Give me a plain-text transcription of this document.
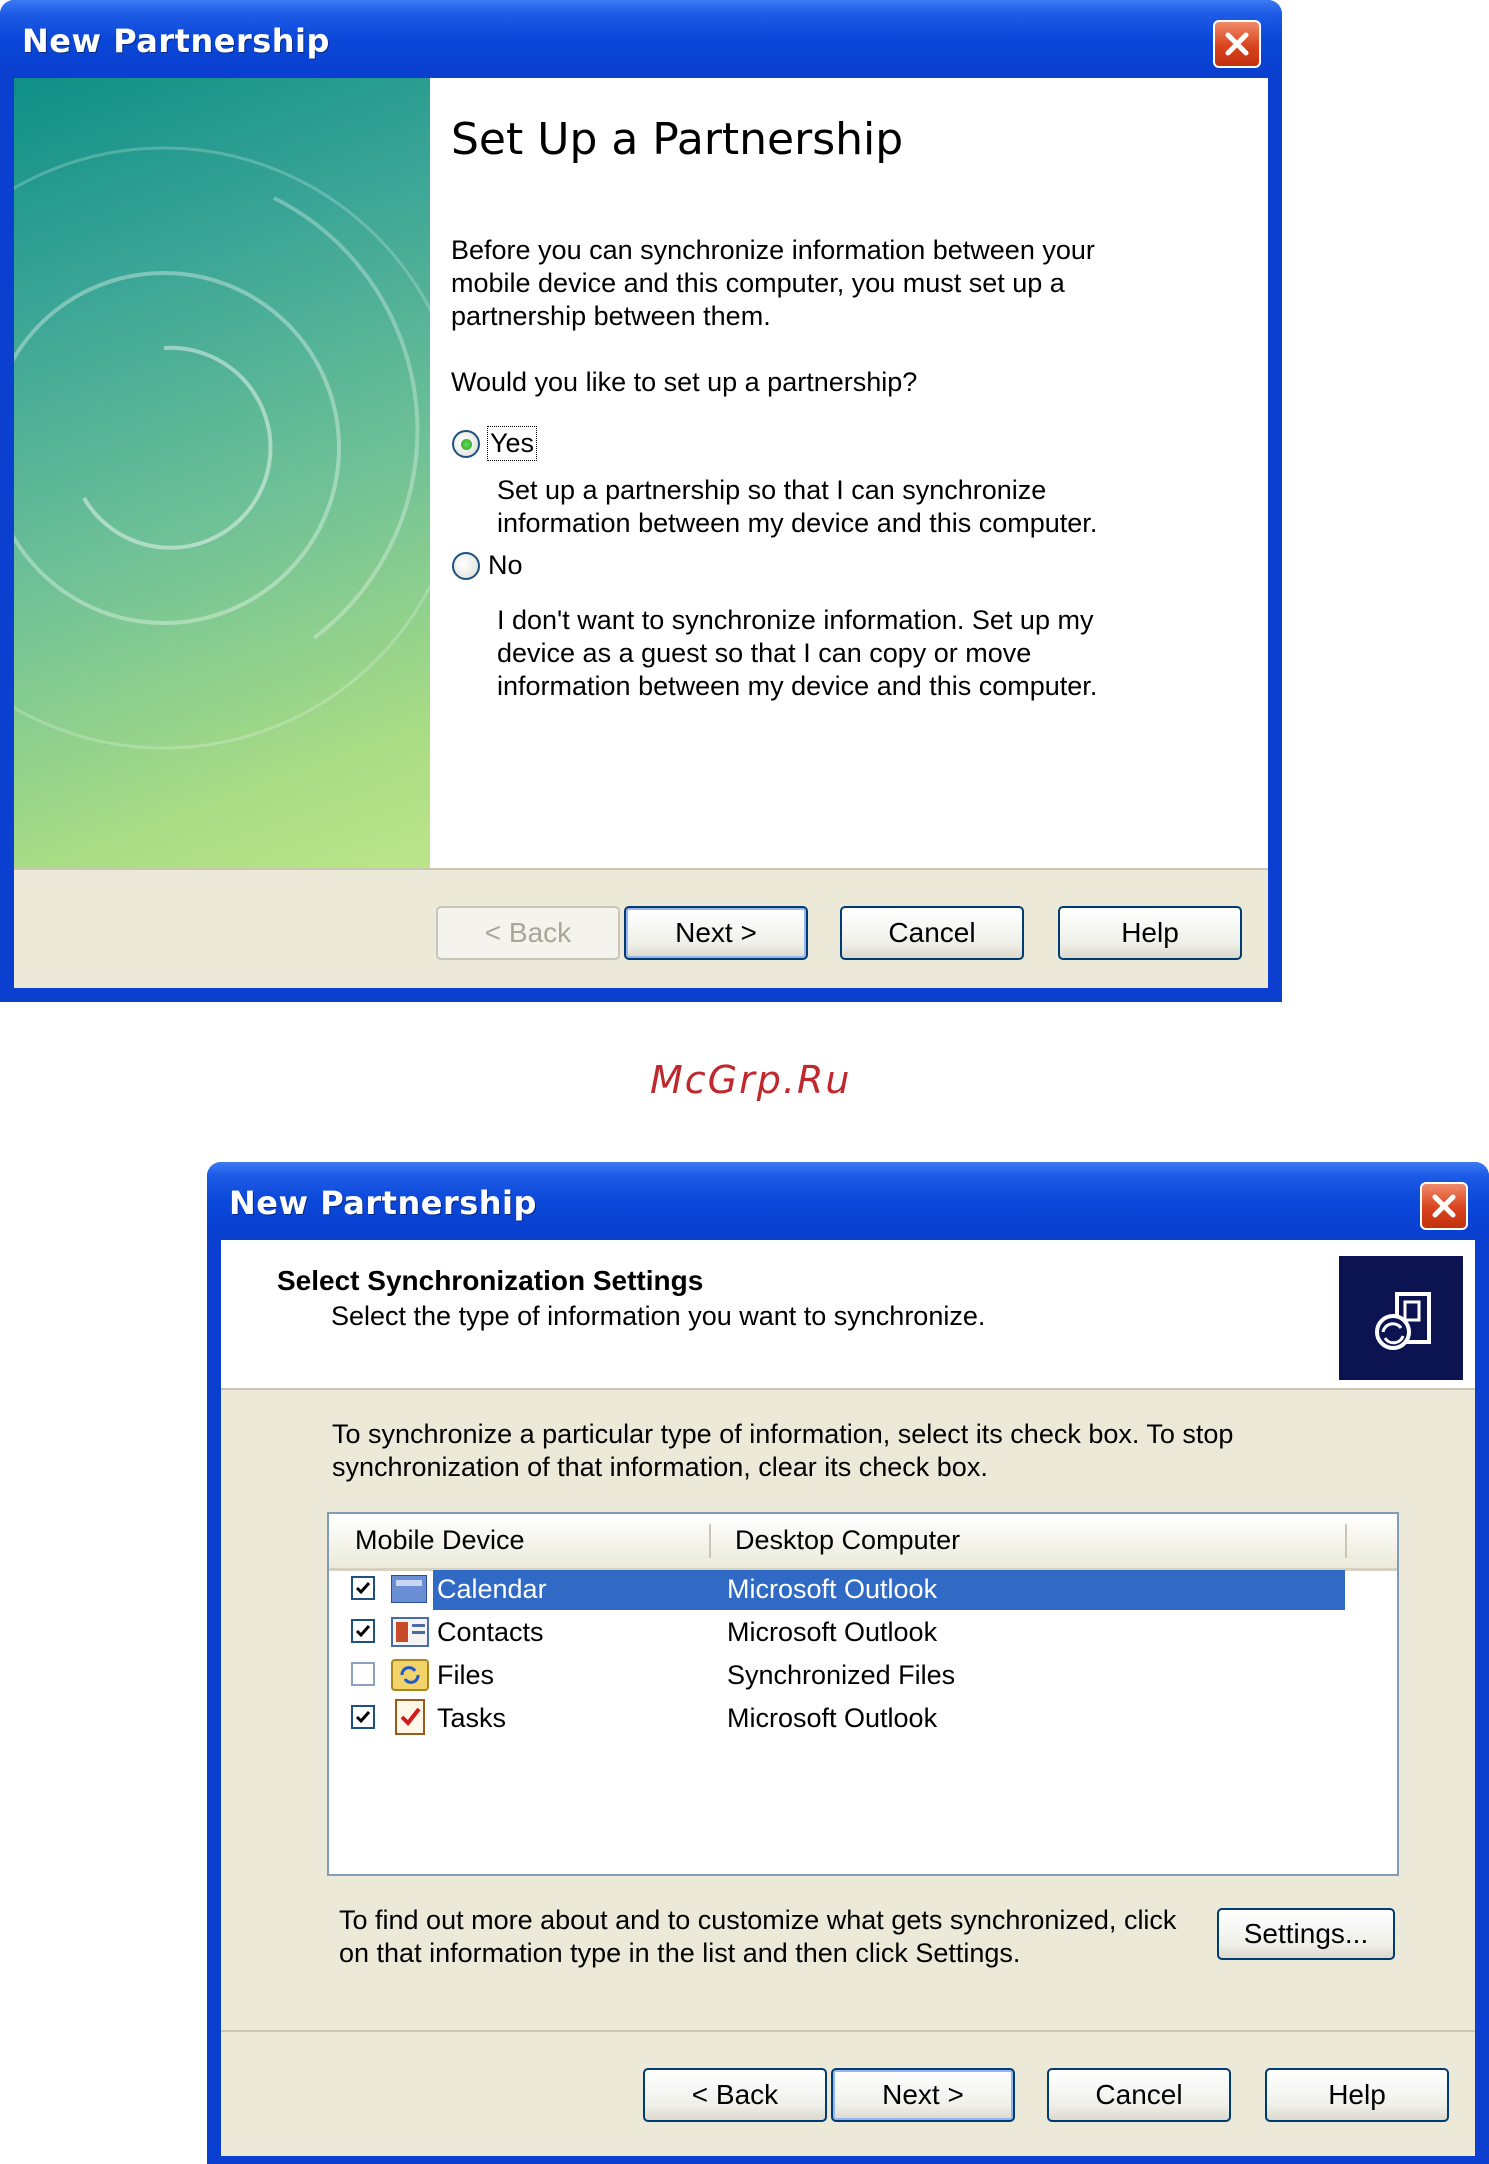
New Partnership
Set Up a Partnership
Before you can synchronize information between your
mobile device and this computer, you must set up a
partnership between them.
Would you like to set up a partnership?
Yes
Set up a partnership so that I can synchronize
information between my device and this computer.
No
I don't want to synchronize information. Set up my
device as a guest so that I can copy or move
information between my device and this computer.
< Back	Next >	Cancel	Help
McGrp.Ru
New Partnership
Select Synchronization Settings
Select the type of information you want to synchronize.
To synchronize a particular type of information, select its check box. To stop
synchronization of that information, clear its check box.
Mobile Device	Desktop Computer
Calendar	Microsoft Outlook
Contacts	Microsoft Outlook
Files	Synchronized Files
Tasks	Microsoft Outlook
To find out more about and to customize what gets synchronized, click
on that information type in the list and then click Settings.
Settings...
< Back	Next >	Cancel	Help
